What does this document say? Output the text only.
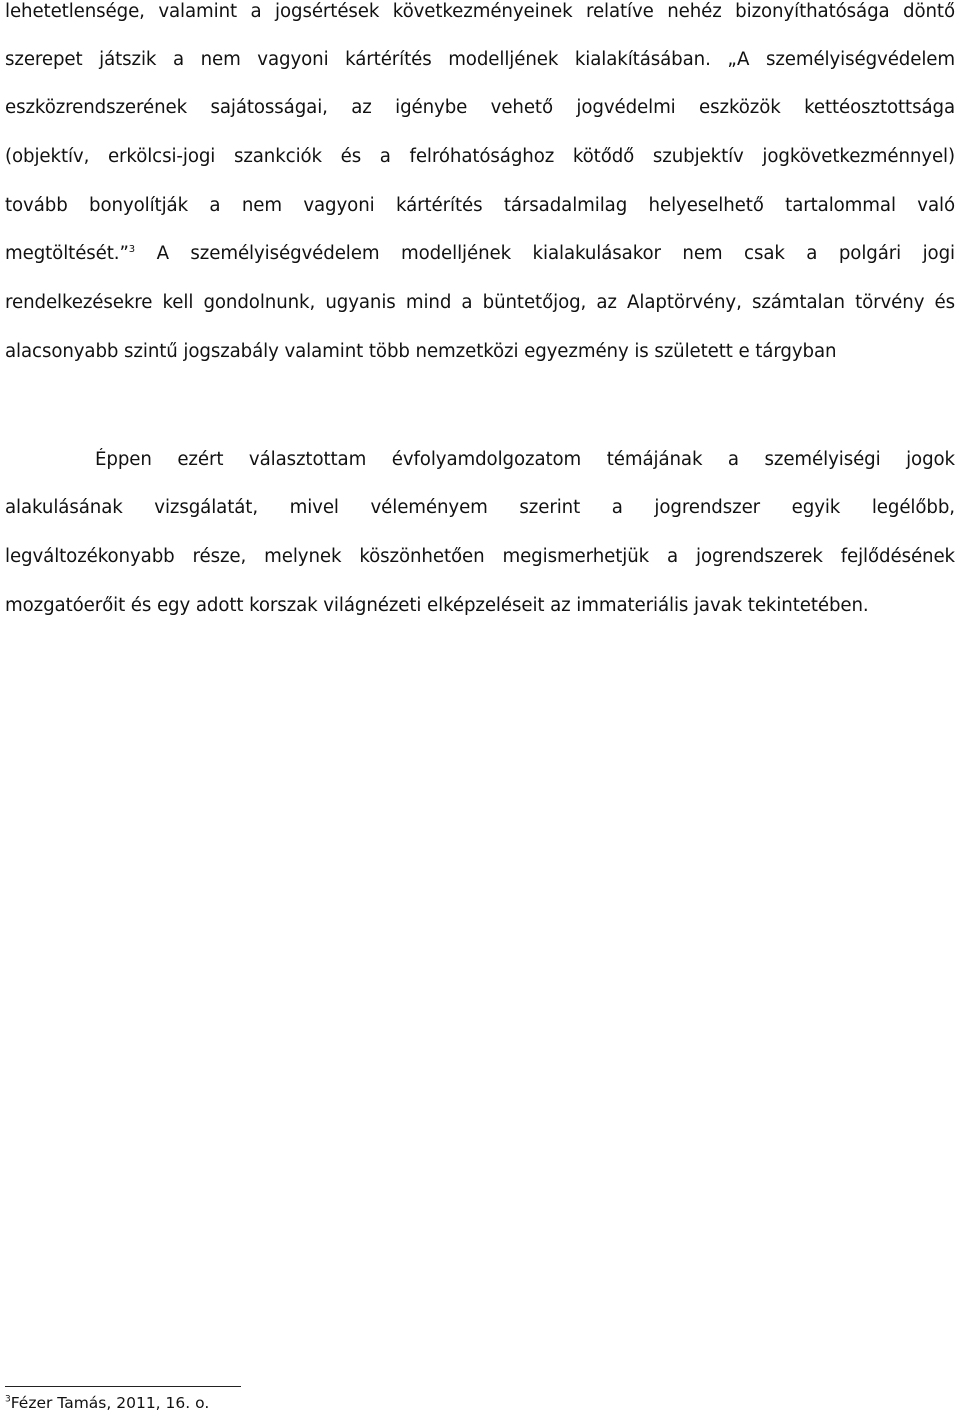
lehetetlensége, valamint a jogsértések következményeinek relatíve nehéz bizonyíthatósága döntő
szerepet játszik a nem vagyoni kártérítés modelljének kialakításában. „A személyiségvédelem
eszközrendszerének sajátosságai, az igénybe vehető jogvédelmi eszközök kettéosztottsága
(objektív, erkölcsi-jogi szankciók és a felróhatósághoz kötődő szubjektív jogkövetkezménnyel)
tovább bonyolítják a nem vagyoni kártérítés társadalmilag helyeselhető tartalommal való
megtöltését.”$^3$ A személyiségvédelem modelljének kialakulásakor nem csak a polgári jogi
rendelkezésekre kell gondolnunk, ugyanis mind a büntetőjog, az Alaptörvény, számtalan törvény és
alacsonyabb szintű jogszabály valamint több nemzetközi egyezmény is született e tárgyban
Éppen ezért választottam évfolyamdolgozatom témájának a személyiségi jogok
alakulásának vizsgálatát, mivel véleményem szerint a jogrendszer egyik legélőbb,
legváltozékonyabb része, melynek köszönhetően megismerhetjük a jogrendszerek fejlődésének
mozgatóerőit és egy adott korszak világnézeti elképzeléseit az immateriális javak tekintetében.
$^3$Fézer Tamás, 2011, 16. o.
